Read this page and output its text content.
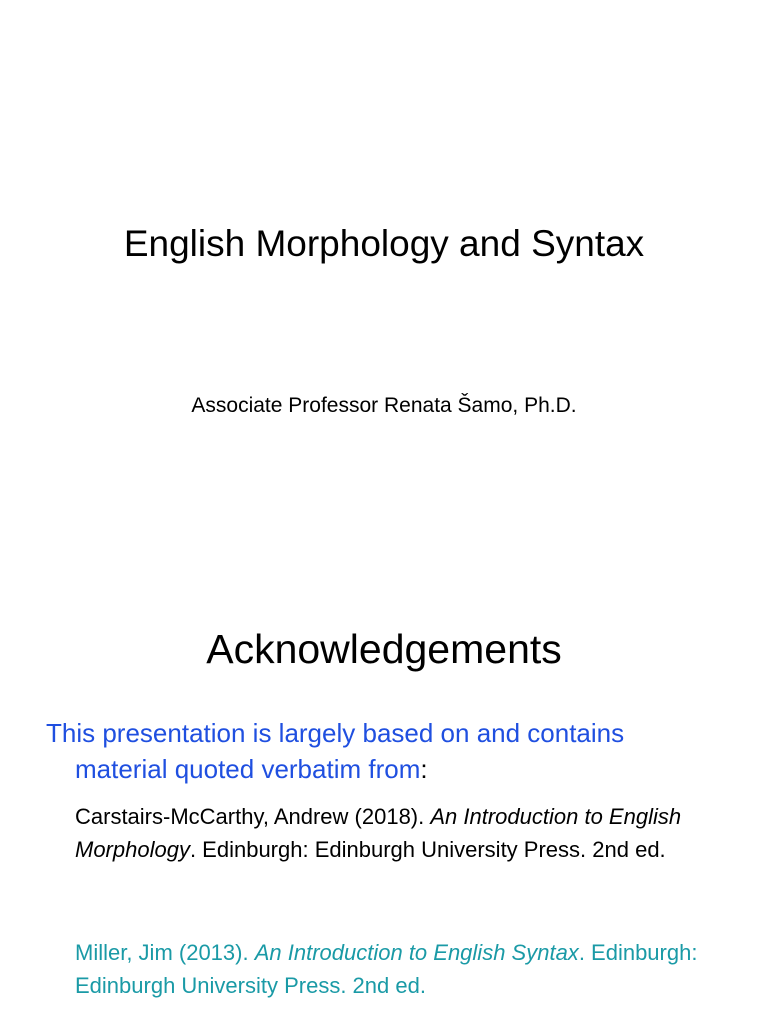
English Morphology and Syntax
Associate Professor Renata Šamo, Ph.D.
Acknowledgements
This presentation is largely based on and contains
material quoted verbatim from:
Carstairs-McCarthy, Andrew (2018). An Introduction to English Morphology. Edinburgh: Edinburgh University Press. 2nd ed.
Miller, Jim (2013). An Introduction to English Syntax. Edinburgh: Edinburgh University Press. 2nd ed.
